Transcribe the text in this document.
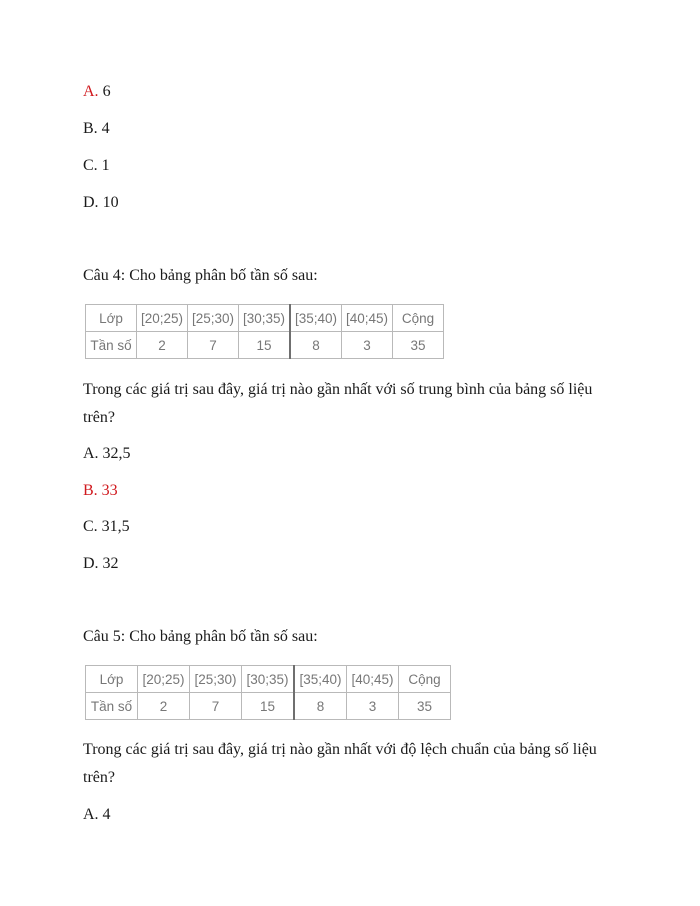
A. 6
B. 4
C. 1
D. 10
Câu 4: Cho bảng phân bố tần số sau:
Lớp	[20;25)	[25;30)	[30;35)	[35;40)	[40;45)	Cộng
Tần số	2	7	15	8	3	35
Trong các giá trị sau đây, giá trị nào gần nhất với số trung bình của bảng số liệu
trên?
A. 32,5
B. 33
C. 31,5
D. 32
Câu 5: Cho bảng phân bố tần số sau:
Lớp	[20;25)	[25;30)	[30;35)	[35;40)	[40;45)	Cộng
Tần số	2	7	15	8	3	35
Trong các giá trị sau đây, giá trị nào gần nhất với độ lệch chuẩn của bảng số liệu
trên?
A. 4
